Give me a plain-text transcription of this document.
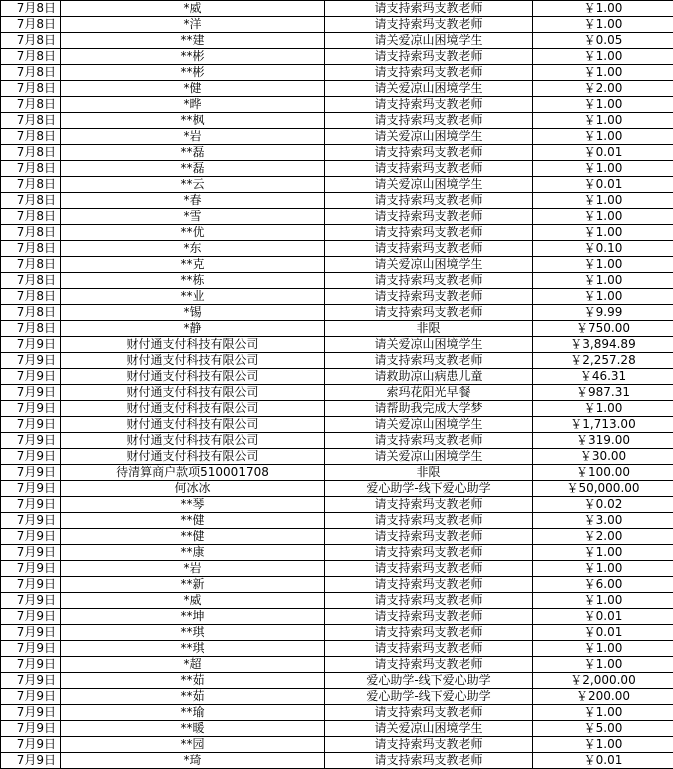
7月8日	*威	请支持索玛支教老师	￥1.00
7月8日	*洋	请支持索玛支教老师	￥1.00
7月8日	**建	请关爱凉山困境学生	￥0.05
7月8日	**彬	请支持索玛支教老师	￥1.00
7月8日	**彬	请支持索玛支教老师	￥1.00
7月8日	*健	请关爱凉山困境学生	￥2.00
7月8日	*晔	请支持索玛支教老师	￥1.00
7月8日	**枫	请支持索玛支教老师	￥1.00
7月8日	*岩	请关爱凉山困境学生	￥1.00
7月8日	**磊	请支持索玛支教老师	￥0.01
7月8日	**磊	请支持索玛支教老师	￥1.00
7月8日	**云	请关爱凉山困境学生	￥0.01
7月8日	*春	请支持索玛支教老师	￥1.00
7月8日	*雪	请支持索玛支教老师	￥1.00
7月8日	**优	请支持索玛支教老师	￥1.00
7月8日	*东	请支持索玛支教老师	￥0.10
7月8日	**克	请关爱凉山困境学生	￥1.00
7月8日	**栋	请支持索玛支教老师	￥1.00
7月8日	**业	请支持索玛支教老师	￥1.00
7月8日	*锡	请支持索玛支教老师	￥9.99
7月8日	*静	非限	￥750.00
7月9日	财付通支付科技有限公司	请关爱凉山困境学生	￥3,894.89
7月9日	财付通支付科技有限公司	请支持索玛支教老师	￥2,257.28
7月9日	财付通支付科技有限公司	请救助凉山病患儿童	￥46.31
7月9日	财付通支付科技有限公司	索玛花阳光早餐	￥987.31
7月9日	财付通支付科技有限公司	请帮助我完成大学梦	￥1.00
7月9日	财付通支付科技有限公司	请关爱凉山困境学生	￥1,713.00
7月9日	财付通支付科技有限公司	请支持索玛支教老师	￥319.00
7月9日	财付通支付科技有限公司	请关爱凉山困境学生	￥30.00
7月9日	待清算商户款项510001708	非限	￥100.00
7月9日	何冰冰	爱心助学-线下爱心助学	￥50,000.00
7月9日	**琴	请支持索玛支教老师	￥0.02
7月9日	**健	请支持索玛支教老师	￥3.00
7月9日	**健	请支持索玛支教老师	￥2.00
7月9日	**康	请支持索玛支教老师	￥1.00
7月9日	*岩	请支持索玛支教老师	￥1.00
7月9日	**新	请支持索玛支教老师	￥6.00
7月9日	*威	请支持索玛支教老师	￥1.00
7月9日	**坤	请支持索玛支教老师	￥0.01
7月9日	**琪	请支持索玛支教老师	￥0.01
7月9日	**琪	请支持索玛支教老师	￥1.00
7月9日	*超	请支持索玛支教老师	￥1.00
7月9日	**茹	爱心助学-线下爱心助学	￥2,000.00
7月9日	**茹	爱心助学-线下爱心助学	￥200.00
7月9日	**瑜	请支持索玛支教老师	￥1.00
7月9日	**暖	请关爱凉山困境学生	￥5.00
7月9日	**园	请支持索玛支教老师	￥1.00
7月9日	*琦	请支持索玛支教老师	￥0.01
